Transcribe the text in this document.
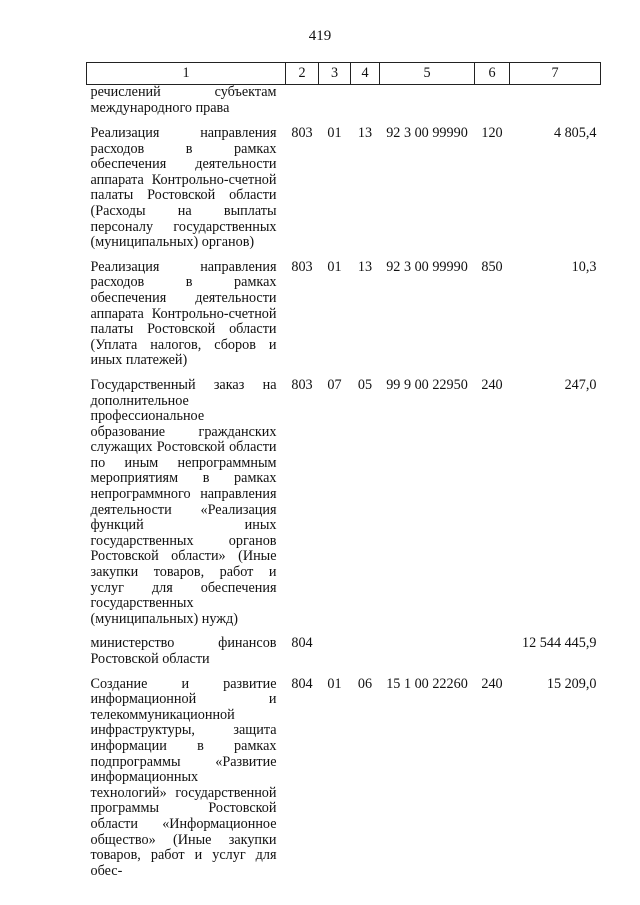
419
1	2	3	4	5	6	7
речислений субъектам международного права						
Реализация направления расходов в рамках обеспечения деятельности аппарата Контрольно-счетной палаты Ростовской области (Расходы на выплаты персоналу государственных (муниципальных) органов)	803	01	13	92 3 00 99990	120	4 805,4
Реализация направления расходов в рамках обеспечения деятельности аппарата Контрольно-счетной палаты Ростовской области (Уплата налогов, сборов и иных платежей)	803	01	13	92 3 00 99990	850	10,3
Государственный заказ на дополнительное профессиональное образование гражданских служащих Ростовской области по иным непрограммным мероприятиям в рамках непрограммного направления деятельности «Реализация функций иных государственных органов Ростовской области» (Иные закупки товаров, работ и услуг для обеспечения государственных (муниципальных) нужд)	803	07	05	99 9 00 22950	240	247,0
министерство финансов Ростовской области	804					12 544 445,9
Создание и развитие информационной и телекоммуникационной инфраструктуры, защита информации в рамках подпрограммы «Развитие информационных технологий» государственной программы Ростовской области «Информационное общество» (Иные закупки товаров, работ и услуг для обес-	804	01	06	15 1 00 22260	240	15 209,0
